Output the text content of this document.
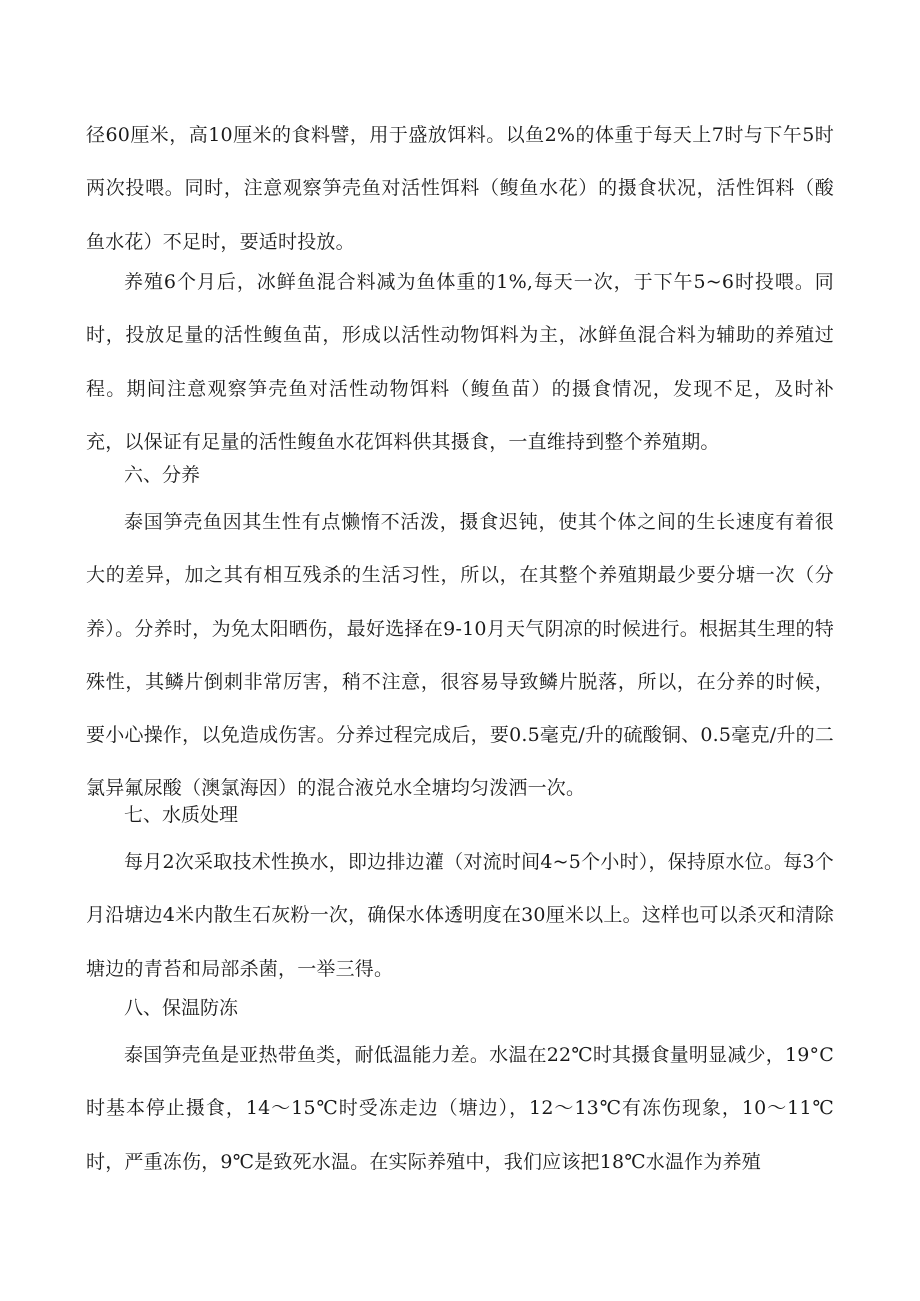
径60厘米，高10厘米的食料譬，用于盛放饵料。以鱼2%的体重于每天上7时与下午5时两次投喂。同时，注意观察笋壳鱼对活性饵料（鳆鱼水花）的摄食状况，活性饵料（酸鱼水花）不足时，要适时投放。

养殖6个月后，冰鲜鱼混合料减为鱼体重的1%,每天一次，于下午5~6时投喂。同时，投放足量的活性鳆鱼苗，形成以活性动物饵料为主，冰鲜鱼混合料为辅助的养殖过程。期间注意观察笋壳鱼对活性动物饵料（鳆鱼苗）的摄食情况，发现不足，及时补充，以保证有足量的活性鳆鱼水花饵料供其摄食，一直维持到整个养殖期。

六、分养

泰国笋壳鱼因其生性有点懒惰不活泼，摄食迟钝，使其个体之间的生长速度有着很大的差异，加之其有相互残杀的生活习性，所以，在其整个养殖期最少要分塘一次（分养）。分养时，为免太阳晒伤，最好选择在9-10月天气阴凉的时候进行。根据其生理的特殊性，其鳞片倒刺非常厉害，稍不注意，很容易导致鳞片脱落，所以，在分养的时候，要小心操作，以免造成伤害。分养过程完成后，要0.5毫克/升的硫酸铜、0.5毫克/升的二氯异氟尿酸（澳氯海因）的混合液兑水全塘均匀泼洒一次。

七、水质处理

每月2次采取技术性换水，即边排边灌（对流时间4~5个小时），保持原水位。每3个月沿塘边4米内散生石灰粉一次，确保水体透明度在30厘米以上。这样也可以杀灭和清除塘边的青苔和局部杀菌，一举三得。

八、保温防冻

泰国笋壳鱼是亚热带鱼类，耐低温能力差。水温在22℃时其摄食量明显减少，19°C时基本停止摄食，14～15℃时受冻走边（塘边），12～13℃有冻伤现象，10～11℃时，严重冻伤，9℃是致死水温。在实际养殖中，我们应该把18℃水温作为养殖
